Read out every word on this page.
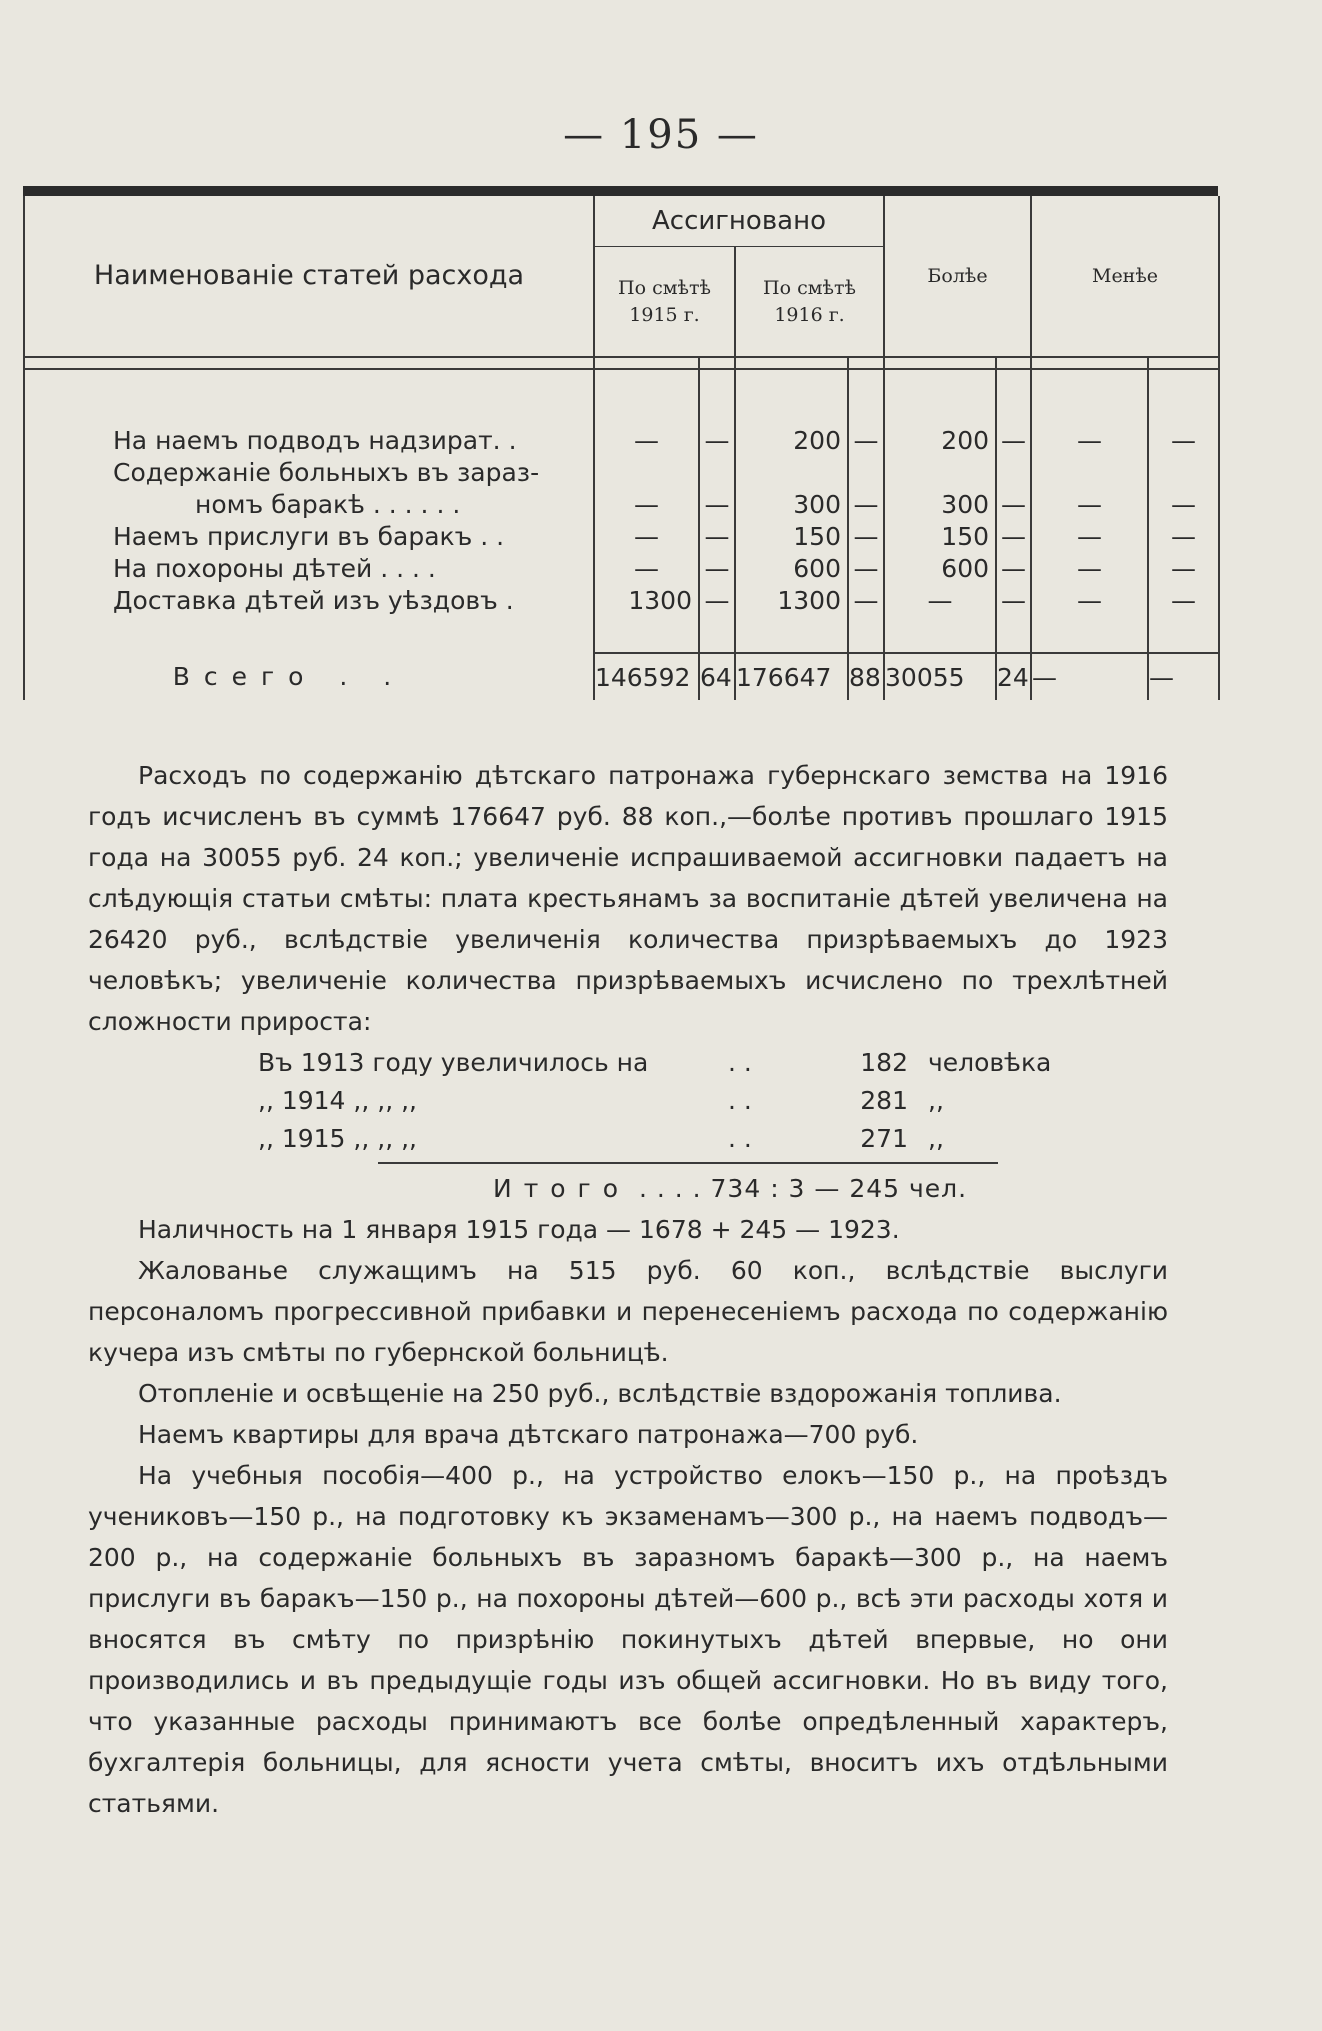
— 195 —
Наименованіе статей расхода	Ассигновано				Болѣе		Менѣе	
	По смѣтѣ 1915 г.		По смѣтѣ 1916 г.					

На наемъ подводъ надзират. .	—	—	200	—	200	—	—	—
Содержаніе больныхъ въ зараз-								
номъ баракѣ . . . . . .	—	—	300	—	300	—	—	—
Наемъ прислуги въ баракъ . .	—	—	150	—	150	—	—	—
На похороны дѣтей . . . .	—	—	600	—	600	—	—	—
Доставка дѣтей изъ уѣздовъ .	1300	—	1300	—	—	—	—	—

Всего . .	146592	64	176647	88	30055	24	—	—

Расходъ по содержанію дѣтскаго патронажа губернскаго земства на 1916 годъ исчисленъ въ суммѣ 176647 руб. 88 коп.,—болѣе противъ прошлаго 1915 года на 30055 руб. 24 коп.; увеличеніе испрашиваемой ассигновки падаетъ на слѣдующія статьи смѣты: плата крестьянамъ за воспитаніе дѣтей увеличена на 26420 руб., вслѣдствіе увеличенія количества призрѣваемыхъ до 1923 человѣкъ; увеличеніе количества призрѣваемыхъ исчислено по трехлѣтней сложности прироста:

Въ 1913 году увеличилось на	. .	182 человѣка
,, 1914 ,, ,, ,,	. .	281 ,,
,, 1915 ,, ,, ,,	. .	271 ,,

Итого . . . . 734 : 3 — 245 чел.

Наличность на 1 января 1915 года — 1678 + 245 — 1923.

Жалованье служащимъ на 515 руб. 60 коп., вслѣдствіе выслуги персоналомъ прогрессивной прибавки и перенесеніемъ расхода по содержанію кучера изъ смѣты по губернской больницѣ.

Отопленіе и освѣщеніе на 250 руб., вслѣдствіе вздорожанія топлива.

Наемъ квартиры для врача дѣтскаго патронажа—700 руб.

На учебныя пособія—400 р., на устройство елокъ—150 р., на проѣздъ учениковъ—150 р., на подготовку къ экзаменамъ—300 р., на наемъ подводъ—200 р., на содержаніе больныхъ въ заразномъ баракѣ—300 р., на наемъ прислуги въ баракъ—150 р., на похороны дѣтей—600 р., всѣ эти расходы хотя и вносятся въ смѣту по призрѣнію покинутыхъ дѣтей впервые, но они производились и въ предыдущіе годы изъ общей ассигновки. Но въ виду того, что указанные расходы принимаютъ все болѣе опредѣленный характеръ, бухгалтерія больницы, для ясности учета смѣты, вноситъ ихъ отдѣльными статьями.
